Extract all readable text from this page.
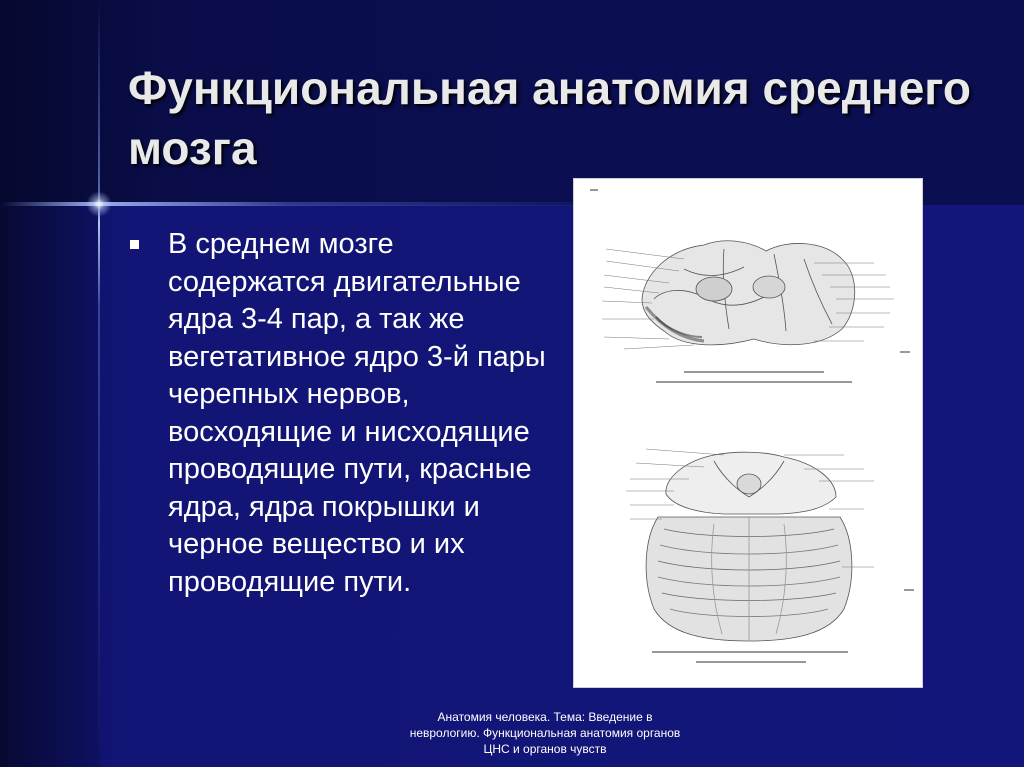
Функциональная анатомия среднего мозга

В среднем мозге содержатся двигательные ядра 3-4 пар, а так же вегетативное ядро 3-й пары черепных нервов, восходящие и нисходящие проводящие пути, красные ядра, ядра покрышки и черное вещество и их проводящие пути.

Анатомия человека. Тема: Введение в неврологию. Функциональная анатомия органов ЦНС и органов чувств
